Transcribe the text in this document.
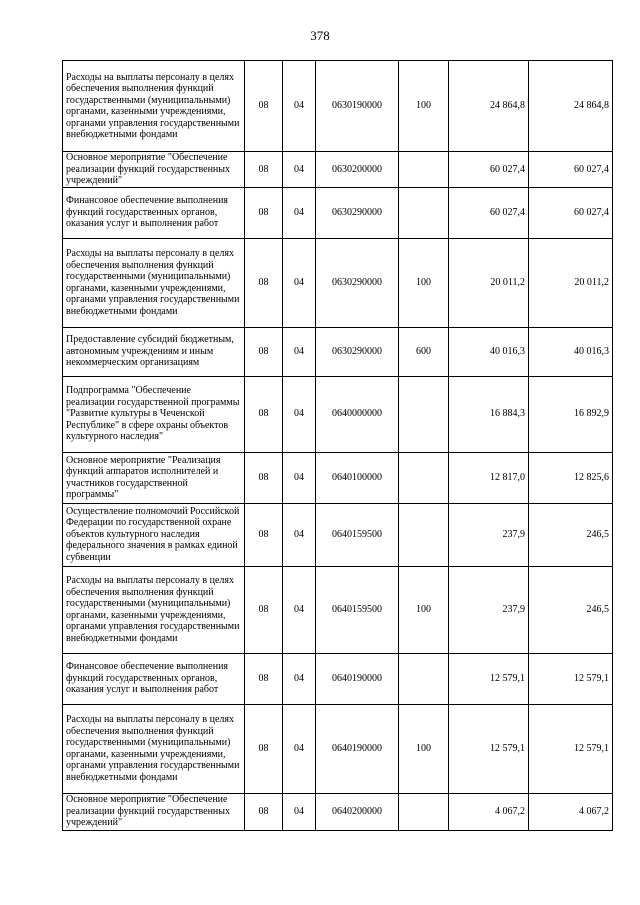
378
Расходы на выплаты персоналу в целях обеспечения выполнения функций государственными (муниципальными) органами, казенными учреждениями, органами управления государственными внебюджетными фондами	08	04	0630190000	100	24 864,8	24 864,8
Основное мероприятие "Обеспечение реализации функций государственных учреждений"	08	04	0630200000		60 027,4	60 027,4
Финансовое обеспечение выполнения функций государственных органов, оказания услуг и выполнения работ	08	04	0630290000		60 027,4	60 027,4
Расходы на выплаты персоналу в целях обеспечения выполнения функций государственными (муниципальными) органами, казенными учреждениями, органами управления государственными внебюджетными фондами	08	04	0630290000	100	20 011,2	20 011,2
Предоставление субсидий бюджетным, автономным учреждениям и иным некоммерческим организациям	08	04	0630290000	600	40 016,3	40 016,3
Подпрограмма "Обеспечение реализации государственной программы "Развитие культуры в Чеченской Республике" в сфере охраны объектов культурного наследия"	08	04	0640000000		16 884,3	16 892,9
Основное мероприятие "Реализация функций аппаратов исполнителей и участников государственной программы"	08	04	0640100000		12 817,0	12 825,6
Осуществление полномочий Российской Федерации по государственной охране объектов культурного наследия федерального значения в рамках единой субвенции	08	04	0640159500		237,9	246,5
Расходы на выплаты персоналу в целях обеспечения выполнения функций государственными (муниципальными) органами, казенными учреждениями, органами управления государственными внебюджетными фондами	08	04	0640159500	100	237,9	246,5
Финансовое обеспечение выполнения функций государственных органов, оказания услуг и выполнения работ	08	04	0640190000		12 579,1	12 579,1
Расходы на выплаты персоналу в целях обеспечения выполнения функций государственными (муниципальными) органами, казенными учреждениями, органами управления государственными внебюджетными фондами	08	04	0640190000	100	12 579,1	12 579,1
Основное мероприятие "Обеспечение реализации функций государственных учреждений"	08	04	0640200000		4 067,2	4 067,2
